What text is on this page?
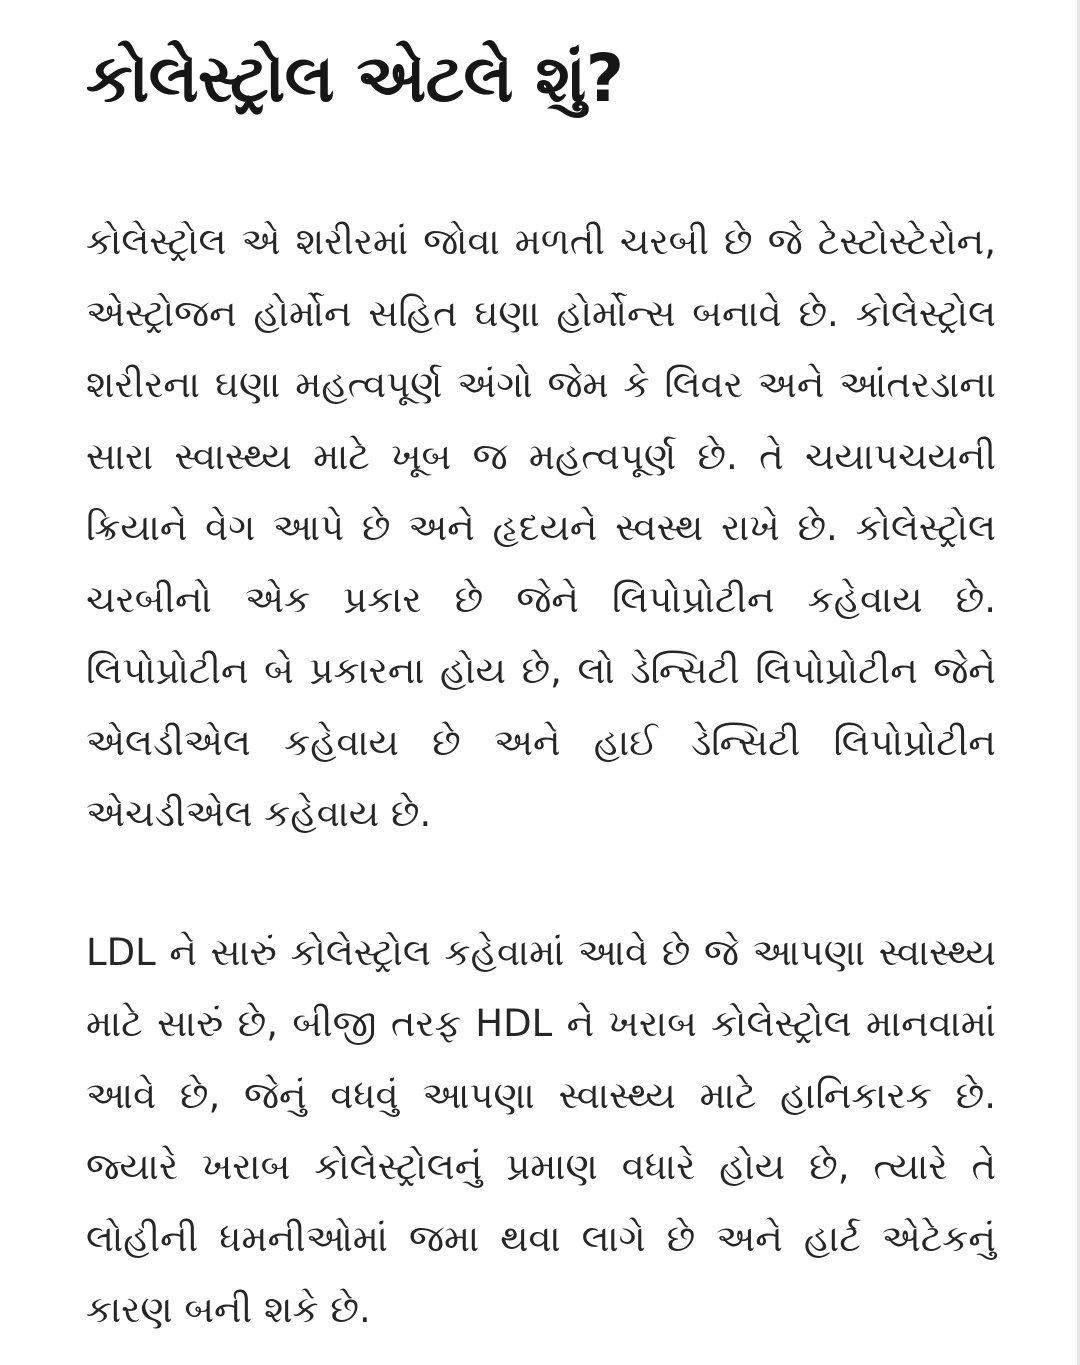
કોલેસ્ટ્રોલ એટલે શું?

કોલેસ્ટ્રોલ એ શરીરમાં જોવા મળતી ચરબી છે જે ટેસ્ટોસ્ટેરોન, એસ્ટ્રોજન હોર્મોન સહિત ઘણા હોર્મોન્સ બનાવે છે. કોલેસ્ટ્રોલ શરીરના ઘણા મહત્વપૂર્ણ અંગો જેમ કે લિવર અને આંતરડાના સારા સ્વાસ્થ્ય માટે ખૂબ જ મહત્વપૂર્ણ છે. તે ચયાપચયની ક્રિયાને વેગ આપે છે અને હૃદયને સ્વસ્થ રાખે છે. કોલેસ્ટ્રોલ ચરબીનો એક પ્રકાર છે જેને લિપોપ્રોટીન કહેવાય છે. લિપોપ્રોટીન બે પ્રકારના હોય છે, લો ડેન્સિટી લિપોપ્રોટીન જેને એલડીએલ કહેવાય છે અને હાઈ ડેન્સિટી લિપોપ્રોટીન એચડીએલ કહેવાય છે.

LDL ને સારું કોલેસ્ટ્રોલ કહેવામાં આવે છે જે આપણા સ્વાસ્થ્ય માટે સારું છે, બીજી તરફ HDL ને ખરાબ કોલેસ્ટ્રોલ માનવામાં આવે છે, જેનું વધવું આપણા સ્વાસ્થ્ય માટે હાનિકારક છે. જ્યારે ખરાબ કોલેસ્ટ્રોલનું પ્રમાણ વધારે હોય છે, ત્યારે તે લોહીની ધમનીઓમાં જમા થવા લાગે છે અને હાર્ટ એટેકનું કારણ બની શકે છે.
